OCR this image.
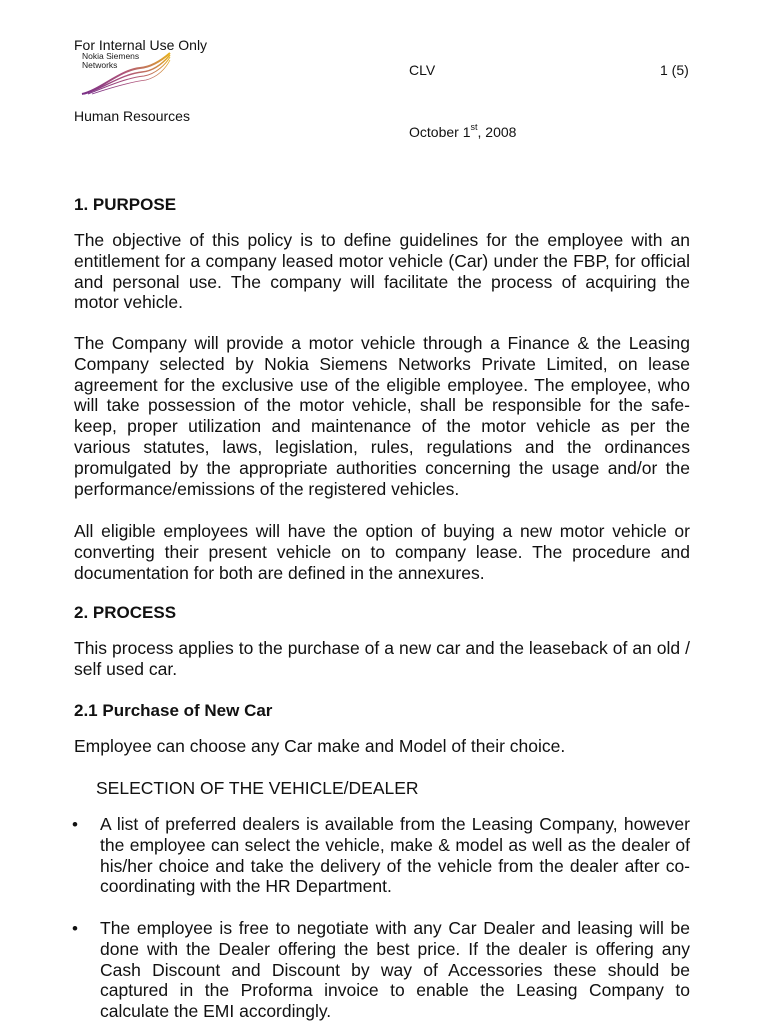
For Internal Use Only
Nokia Siemens Networks	CLV	1 (5)
Human Resources
October 1st, 2008
1. PURPOSE
The objective of this policy is to define guidelines for the employee with an entitlement for a company leased motor vehicle (Car) under the FBP, for official and personal use. The company will facilitate the process of acquiring the motor vehicle.
The Company will provide a motor vehicle through a Finance & the Leasing Company selected by Nokia Siemens Networks Private Limited, on lease agreement for the exclusive use of the eligible employee. The employee, who will take possession of the motor vehicle, shall be responsible for the safe-keep, proper utilization and maintenance of the motor vehicle as per the various statutes, laws, legislation, rules, regulations and the ordinances promulgated by the appropriate authorities concerning the usage and/or the performance/emissions of the registered vehicles.
All eligible employees will have the option of buying a new motor vehicle or converting their present vehicle on to company lease. The procedure and documentation for both are defined in the annexures.
2. PROCESS
This process applies to the purchase of a new car and the leaseback of an old / self used car.
2.1 Purchase of New Car
Employee can choose any Car make and Model of their choice.
SELECTION OF THE VEHICLE/DEALER
• A list of preferred dealers is available from the Leasing Company, however the employee can select the vehicle, make & model as well as the dealer of his/her choice and take the delivery of the vehicle from the dealer after co-coordinating with the HR Department.
• The employee is free to negotiate with any Car Dealer and leasing will be done with the Dealer offering the best price. If the dealer is offering any Cash Discount and Discount by way of Accessories these should be captured in the Proforma invoice to enable the Leasing Company to calculate the EMI accordingly.
